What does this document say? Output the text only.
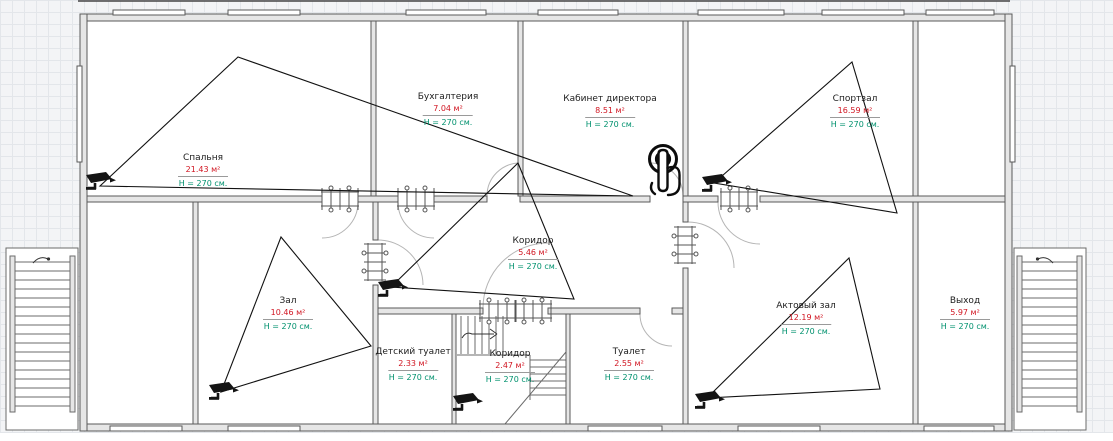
Спальня
21.43 м²
Н = 270 см.
Бухгалтерия
7.04 м²
Н = 270 см.
Кабинет директора
8.51 м²
Н = 270 см.
Спортзал
16.59 м²
Н = 270 см.
Коридор
5.46 м²
Н = 270 см.
Зал
10.46 м²
Н = 270 см.
Детский туалет
2.33 м²
Н = 270 см.
Коридор
2.47 м²
Н = 270 см.
Туалет
2.55 м²
Н = 270 см.
Актовый зал
12.19 м²
Н = 270 см.
Выход
5.97 м²
Н = 270 см.
